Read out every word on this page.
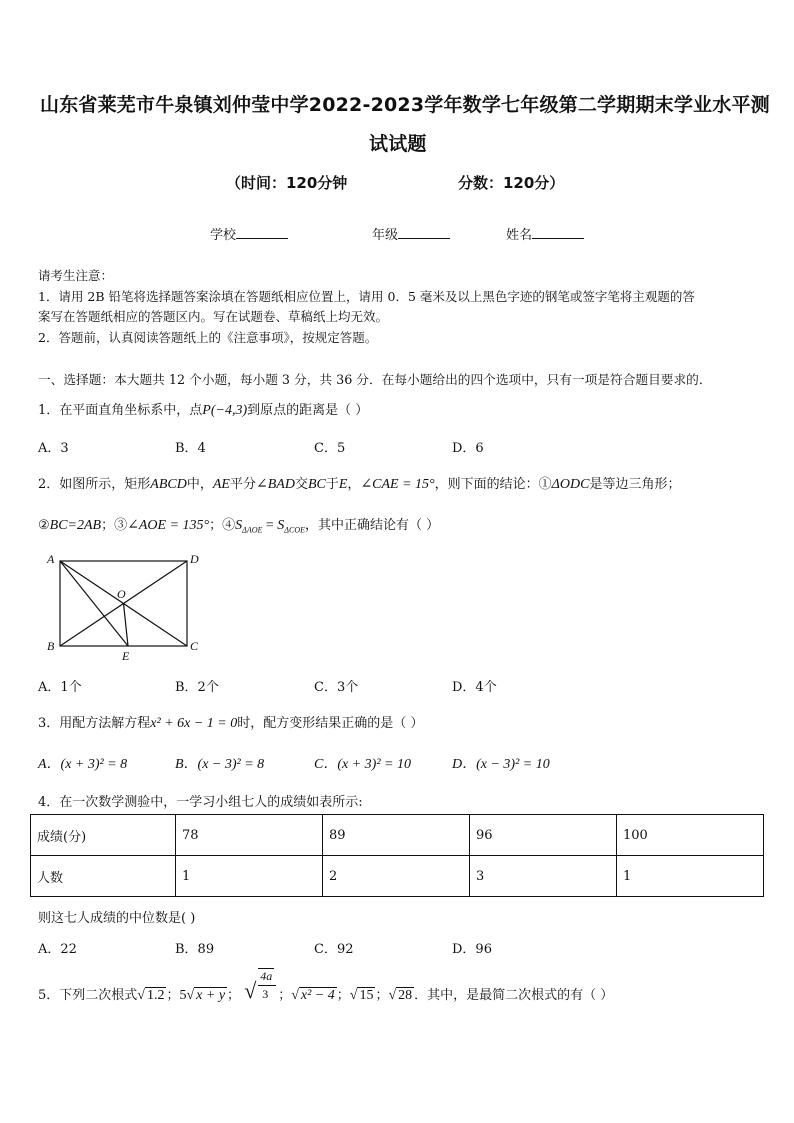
山东省莱芜市牛泉镇刘仲莹中学2022-2023学年数学七年级第二学期期末学业水平测
试试题
（时间：120分钟	分数：120分）
学校	年级	姓名
请考生注意：
1．请用 2B 铅笔将选择题答案涂填在答题纸相应位置上，请用 0．5 毫米及以上黑色字迹的钢笔或签字笔将主观题的答
案写在答题纸相应的答题区内。写在试题卷、草稿纸上均无效。
2．答题前，认真阅读答题纸上的《注意事项》，按规定答题。
一、选择题：本大题共 12 个小题，每小题 3 分，共 36 分．在每小题给出的四个选项中，只有一项是符合题目要求的．
1．在平面直角坐标系中，点P(−4,3)到原点的距离是（ ）
A．3	B．4	C．5	D．6
2．如图所示，矩形ABCD中，AE平分∠BAD交BC于E，∠CAE = 15°，则下面的结论：①ΔODC是等边三角形；
②BC=2AB；③∠AOE = 135°；$④S_{\Delta AOE} = S_{\Delta COE}$，其中正确结论有（ ）
A
B	C
D
O
E
A．1个	B．2个	C．3个	D．4个
3．用配方法解方程x² + 6x − 1 = 0时，配方变形结果正确的是（ ）
A．(x + 3)² = 8	B．(x − 3)² = 8	C．(x + 3)² = 10	D．(x − 3)² = 10
4．在一次数学测验中，一学习小组七人的成绩如表所示:
成绩(分)	78	89	96	100
人数	1	2	3	1
则这七人成绩的中位数是( )
A．22	B．89	C．92	D．96
5．下列二次根式√ 1.2 ；5√ x + y ； √
4a
3 ；√ x² − 4 ；√ 15 ；√ 28 ．其中，是最简二次根式的有（ ）
